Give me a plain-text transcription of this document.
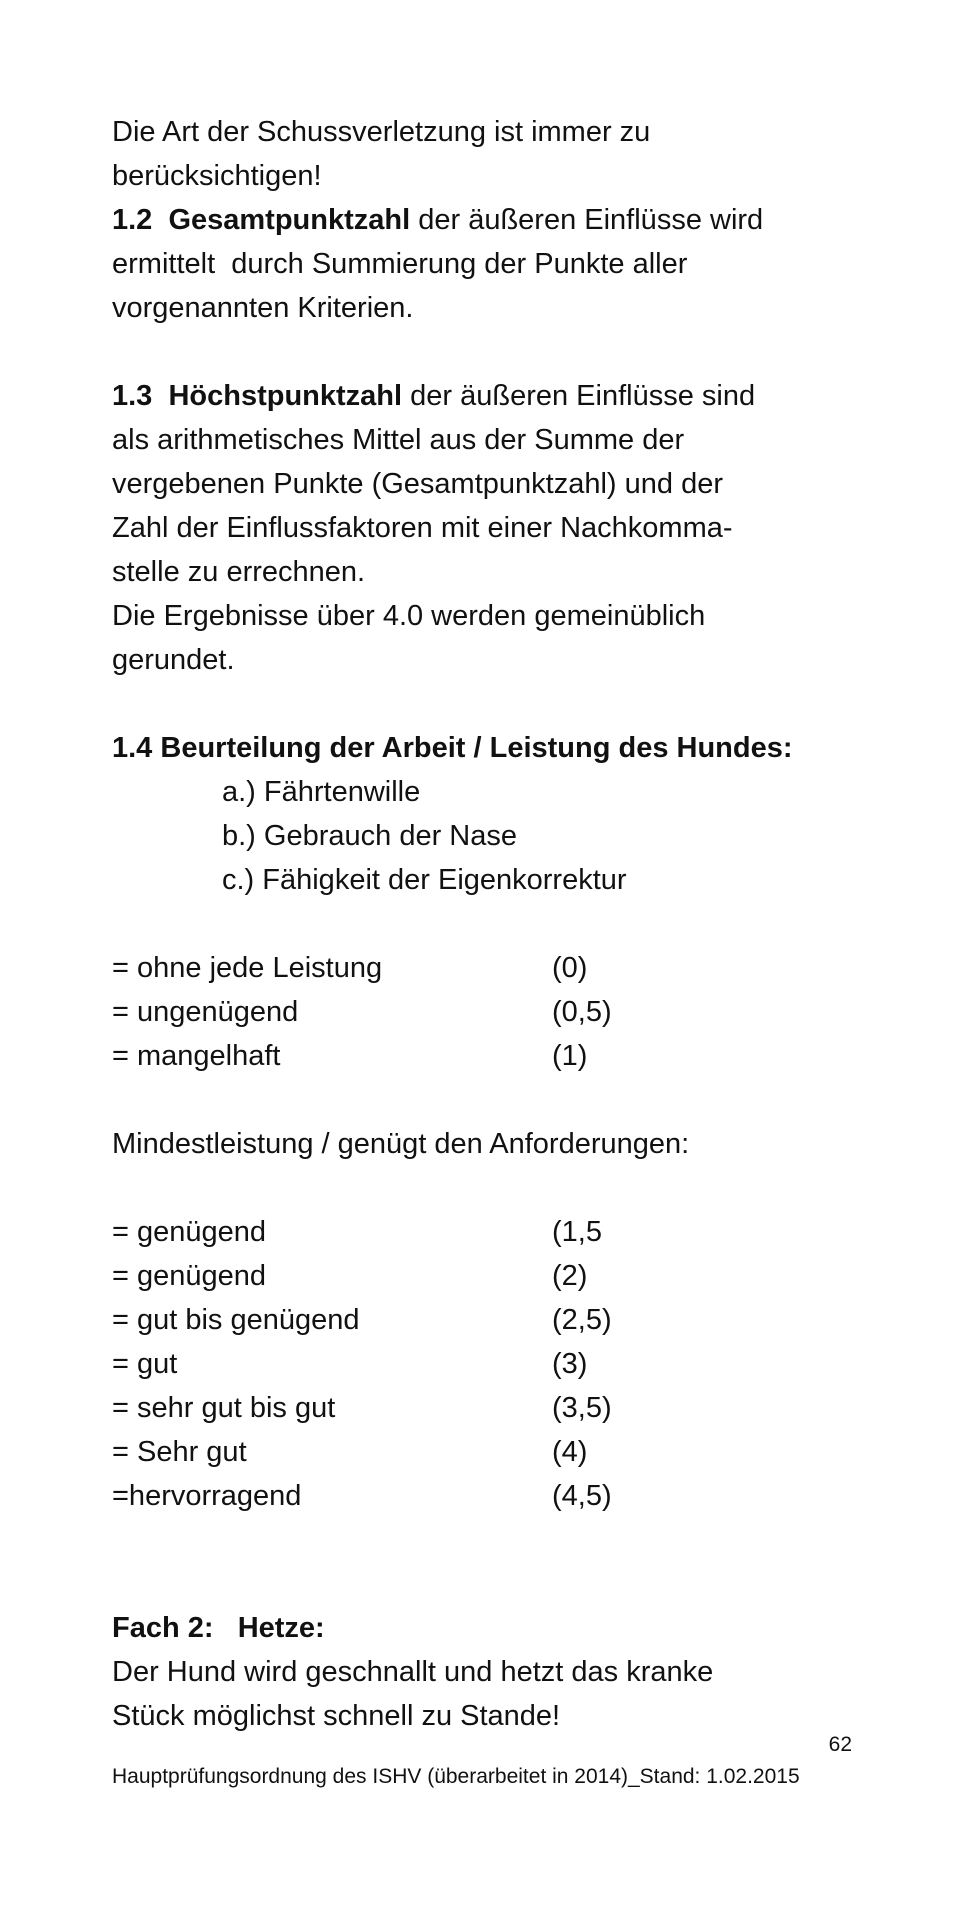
Die Art der Schussverletzung ist immer zu
berücksichtigen!
1.2 Gesamtpunktzahl der äußeren Einflüsse wird
ermittelt  durch Summierung der Punkte aller
vorgenannten Kriterien.
1.3 Höchstpunktzahl der äußeren Einflüsse sind
als arithmetisches Mittel aus der Summe der
vergebenen Punkte (Gesamtpunktzahl) und der
Zahl der Einflussfaktoren mit einer Nachkomma-
stelle zu errechnen.
Die Ergebnisse über 4.0 werden gemeinüblich
gerundet.
1.4 Beurteilung der Arbeit / Leistung des Hundes:
a.) Fährtenwille
b.) Gebrauch der Nase
c.) Fähigkeit der Eigenkorrektur
= ohne jede Leistung	(0)
= ungenügend	(0,5)
= mangelhaft	(1)
Mindestleistung / genügt den Anforderungen:
= genügend	(1,5
= genügend	(2)
= gut bis genügend	(2,5)
= gut	(3)
= sehr gut bis gut	(3,5)
= Sehr gut	(4)
=hervorragend	(4,5)
Fach 2:   Hetze:
Der Hund wird geschnallt und hetzt das kranke
Stück möglichst schnell zu Stande!
62
Hauptprüfungsordnung des ISHV (überarbeitet in 2014)_Stand: 1.02.2015
